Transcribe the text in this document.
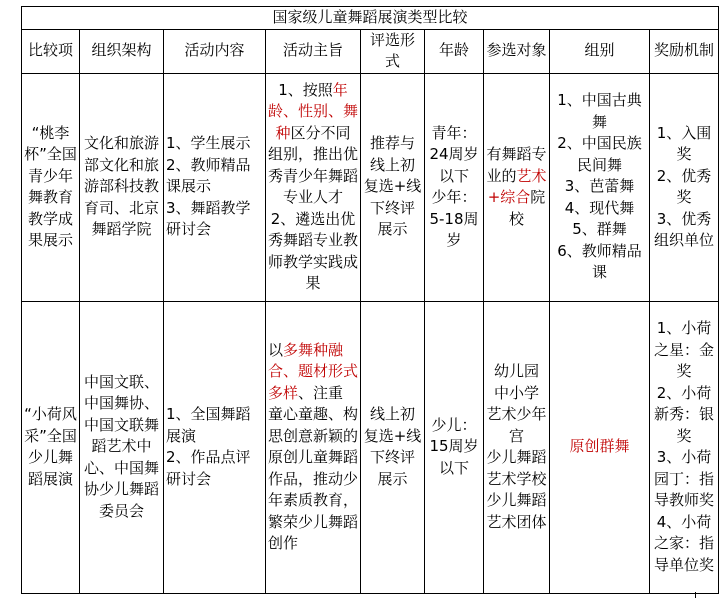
国家级儿童舞蹈展演类型比较								
比较项	组织架构	活动内容	活动主旨	评选形式	年龄	参选对象	组别	奖励机制
“桃李杯”全国青少年舞教育教学成果展示	文化和旅游部文化和旅游部科技教育司、北京舞蹈学院	
1、学生展示
2、教师精品课展示
3、舞蹈教学研讨会
	1、按照年龄、性别、舞种区分不同组别，推出优秀青少年舞蹈专业人才
2、遴选出优秀舞蹈专业教师教学实践成果
	推荐与线上初复选+线下终评展示	
青年：24周岁以下
少年：5-18周岁
	有舞蹈专业的艺术+综合院校	
1、中国古典舞
2、中国民族民间舞
3、芭蕾舞
4、现代舞
5、群舞
6、教师精品课

1、入围奖
2、优秀奖
3、优秀组织单位

“小荷风采”全国少儿舞蹈展演	中国文联、中国舞协、中国文联舞蹈艺术中心、中国舞协少儿舞蹈委员会	1、全国舞蹈展演
2、作品点评研讨会	以多舞种融合、题材形式多样、注重童心童趣、构思创意新颖的原创儿童舞蹈作品，推动少年素质教育，繁荣少儿舞蹈创作	线上初复选+线下终评展示	少儿：15周岁以下	幼儿园
中小学
艺术少年宫
少儿舞蹈艺术学校
少儿舞蹈艺术团体	原创群舞	1、小荷之星：金奖
2、小荷新秀：银奖
3、小荷园丁：指导教师奖
4、小荷之家：指导单位奖
